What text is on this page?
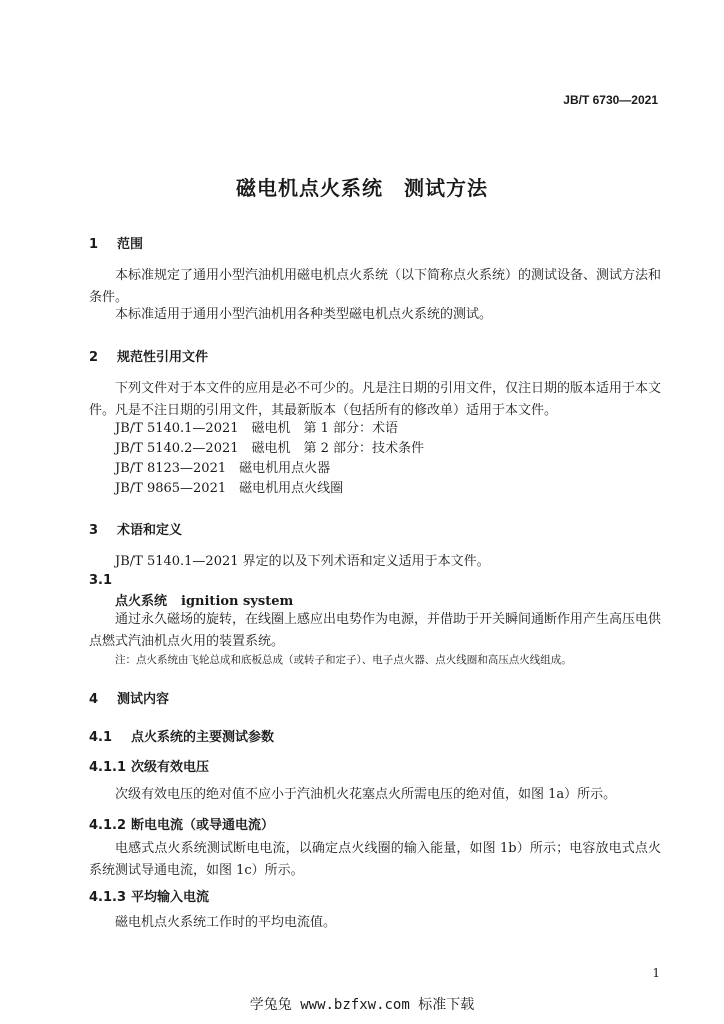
JB/T 6730—2021
磁电机点火系统　测试方法
1 范围
本标准规定了通用小型汽油机用磁电机点火系统（以下简称点火系统）的测试设备、测试方法和条件。
本标准适用于通用小型汽油机用各种类型磁电机点火系统的测试。
2 规范性引用文件
下列文件对于本文件的应用是必不可少的。凡是注日期的引用文件，仅注日期的版本适用于本文件。凡是不注日期的引用文件，其最新版本（包括所有的修改单）适用于本文件。
JB/T 5140.1—2021　磁电机　第 1 部分：术语
JB/T 5140.2—2021　磁电机　第 2 部分：技术条件
JB/T 8123—2021　磁电机用点火器
JB/T 9865—2021　磁电机用点火线圈
3 术语和定义
JB/T 5140.1—2021 界定的以及下列术语和定义适用于本文件。
3.1
点火系统 ignition system
通过永久磁场的旋转，在线圈上感应出电势作为电源，并借助于开关瞬间通断作用产生高压电供点燃式汽油机点火用的装置系统。
注：点火系统由飞轮总成和底板总成（或转子和定子）、电子点火器、点火线圈和高压点火线组成。
4 测试内容
4.1 点火系统的主要测试参数
4.1.1 次级有效电压
次级有效电压的绝对值不应小于汽油机火花塞点火所需电压的绝对值，如图 1a）所示。
4.1.2 断电电流（或导通电流）
电感式点火系统测试断电电流，以确定点火线圈的输入能量，如图 1b）所示；电容放电式点火系统测试导通电流，如图 1c）所示。
4.1.3 平均输入电流
磁电机点火系统工作时的平均电流值。
1
学兔兔 www.bzfxw.com 标准下载
